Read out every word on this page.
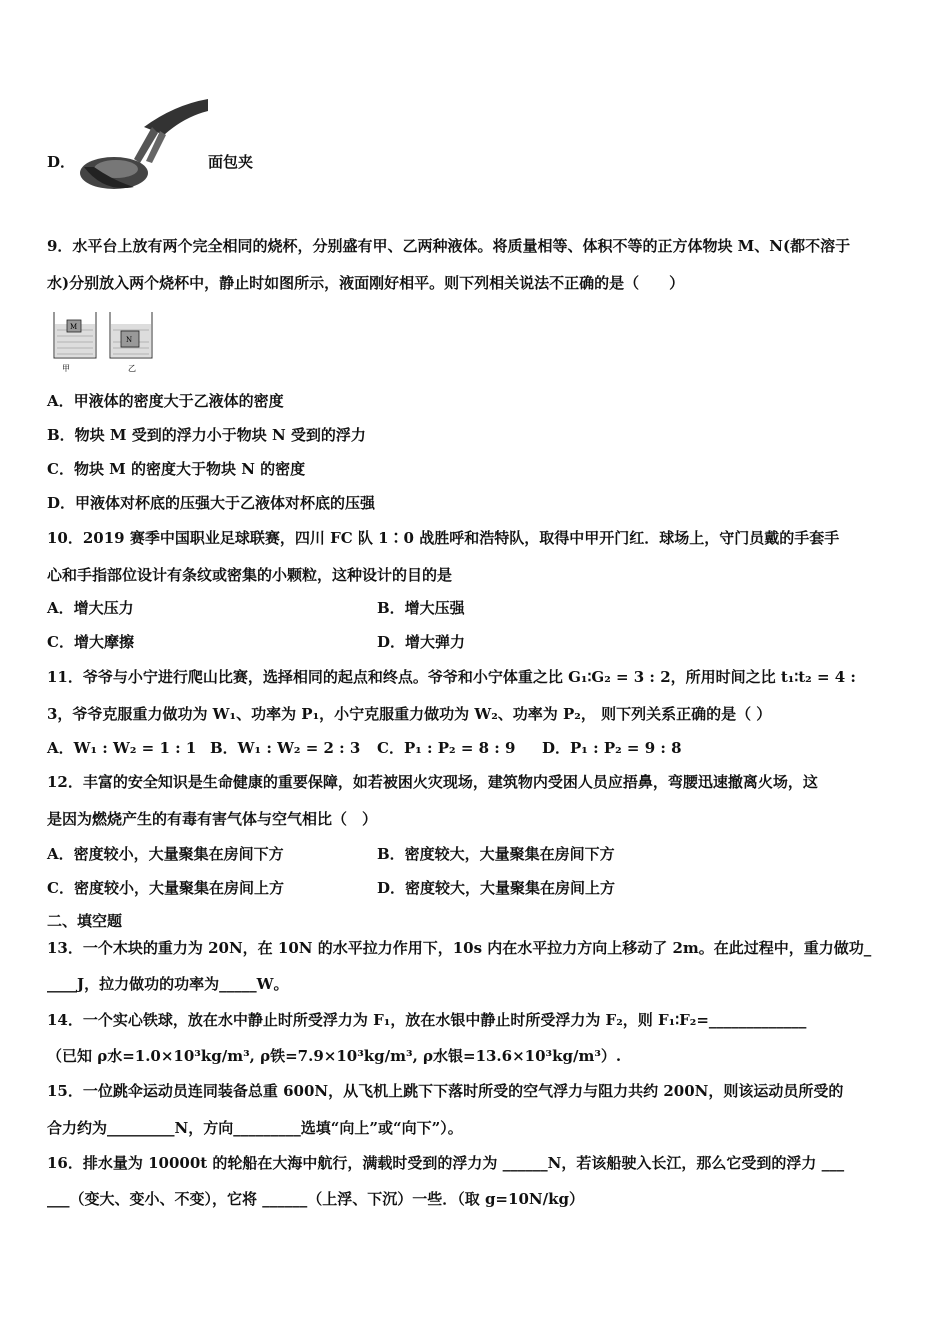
D．	面包夹
9．水平台上放有两个完全相同的烧杯，分别盛有甲、乙两种液体。将质量相等、体积不等的正方体物块 M、N(都不溶于
水)分别放入两个烧杯中，静止时如图所示，液面刚好相平。则下列相关说法不正确的是（　　）
M
N
甲	乙
A．甲液体的密度大于乙液体的密度
B．物块 M 受到的浮力小于物块 N 受到的浮力
C．物块 M 的密度大于物块 N 的密度
D．甲液体对杯底的压强大于乙液体对杯底的压强
10．2019 赛季中国职业足球联赛，四川 FC 队 1∶0 战胜呼和浩特队，取得中甲开门红．球场上，守门员戴的手套手
心和手指部位设计有条纹或密集的小颗粒，这种设计的目的是
A．增大压力	B．增大压强
C．增大摩擦	D．增大弹力
11．爷爷与小宁进行爬山比赛，选择相同的起点和终点。爷爷和小宁体重之比 G₁∶G₂ = 3 : 2，所用时间之比 t₁∶t₂ = 4 :
3，爷爷克服重力做功为 W₁、功率为 P₁，小宁克服重力做功为 W₂、功率为 P₂， 则下列关系正确的是（ ）
A．W₁ : W₂ = 1 : 1 B．W₁ : W₂ = 2 : 3 C．P₁ : P₂ = 8 : 9 D．P₁ : P₂ = 9 : 8
12．丰富的安全知识是生命健康的重要保障，如若被困火灾现场，建筑物内受困人员应捂鼻，弯腰迅速撤离火场，这
是因为燃烧产生的有毒有害气体与空气相比（　）
A．密度较小，大量聚集在房间下方	B．密度较大，大量聚集在房间下方
C．密度较小，大量聚集在房间上方	D．密度较大，大量聚集在房间上方
二、填空题
13．一个木块的重力为 20N，在 10N 的水平拉力作用下，10s 内在水平拉力方向上移动了 2m。在此过程中，重力做功_
____J，拉力做功的功率为_____W。
14．一个实心铁球，放在水中静止时所受浮力为 F₁，放在水银中静止时所受浮力为 F₂，则 F₁∶F₂=_____________
（已知 ρ水=1.0×10³kg/m³, ρ铁=7.9×10³kg/m³, ρ水银=13.6×10³kg/m³）.
15．一位跳伞运动员连同装备总重 600N，从飞机上跳下下落时所受的空气浮力与阻力共约 200N，则该运动员所受的
合力约为_________N，方向_________选填“向上”或“向下”）。
16．排水量为 10000t 的轮船在大海中航行，满载时受到的浮力为 ______N，若该船驶入长江，那么它受到的浮力 ___
___（变大、变小、不变），它将 ______（上浮、下沉）一些．（取 g=10N/kg）
